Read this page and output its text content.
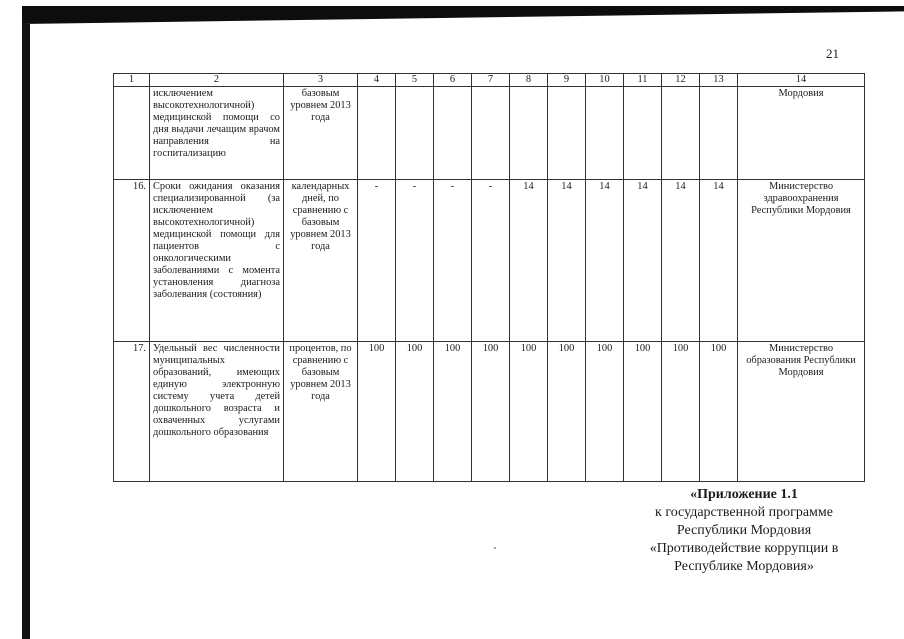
21
1	2	3	4	5	6	7	8	9	10	11	12	13	14
	исключением высокотехнологичной) медицинской помощи со дня выдачи лечащим врачом направления на госпитализацию	базовым уровнем 2013 года											Мордовия
16.	Сроки ожидания оказания специализированной (за исключением высокотехнологичной) медицинской помощи для пациентов с онкологическими заболеваниями с момента установления диагноза заболевания (состояния)	календарных дней, по сравнению с базовым уровнем 2013 года	-	-	-	-	14	14	14	14	14	14	Министерство здравоохранения Республики Мордовия
17.	Удельный вес численности муниципальных образований, имеющих единую электронную систему учета детей дошкольного возраста и охваченных услугами дошкольного образования	процентов, по сравнению с базовым уровнем 2013 года	100	100	100	100	100	100	100	100	100	100	Министерство образования Республики Мордовия
«Приложение 1.1
к государственной программе
Республики Мордовия
«Противодействие коррупции в
Республике Мордовия»
